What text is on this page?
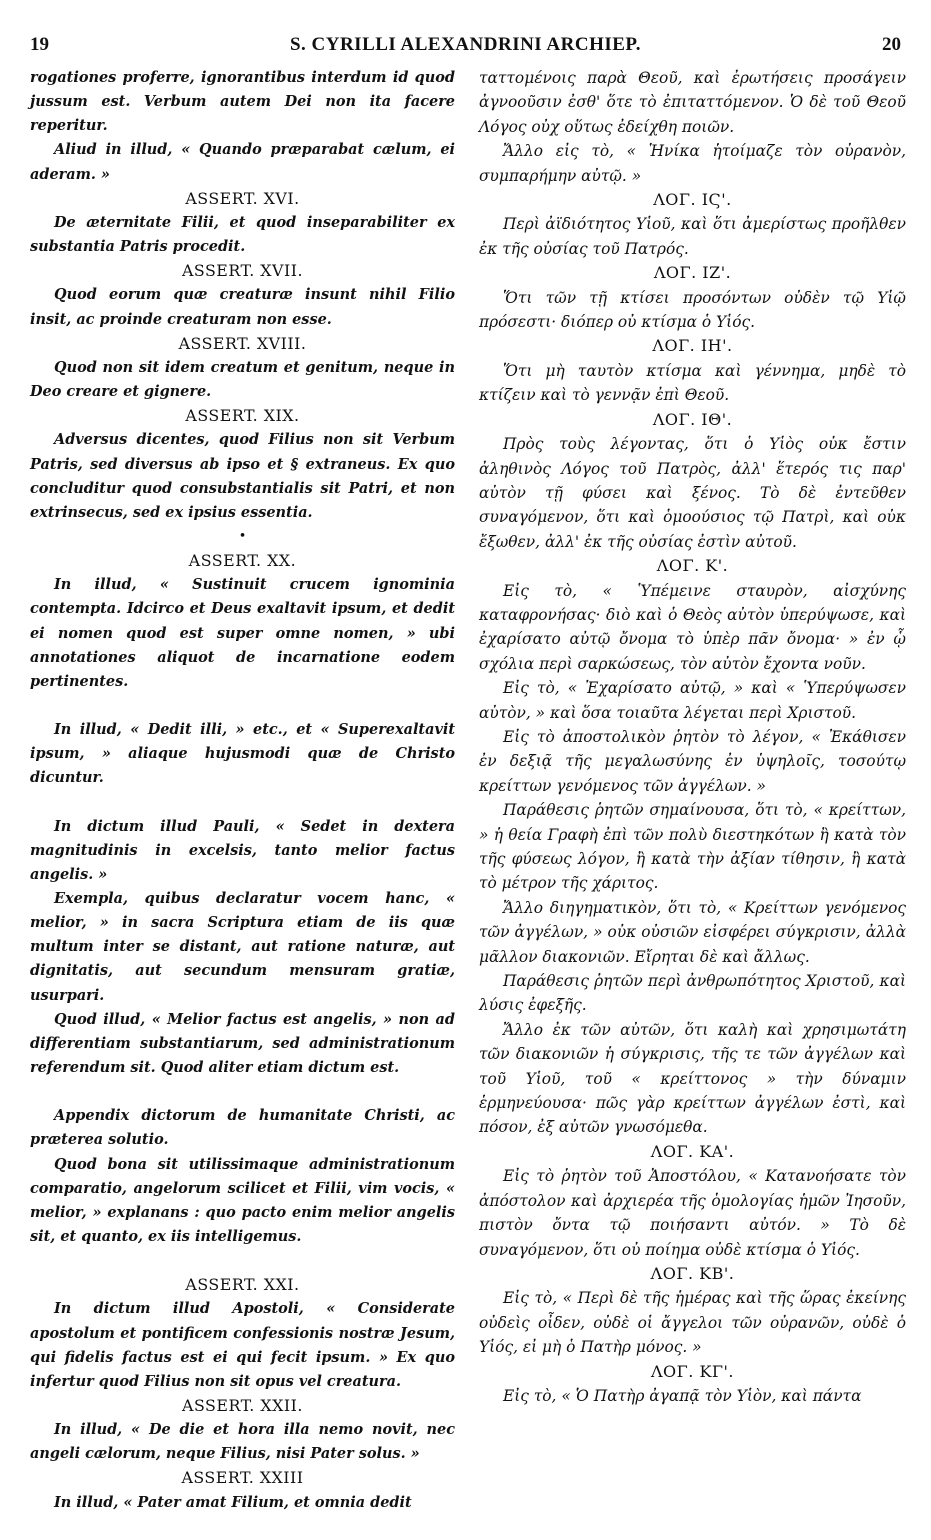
19	S. CYRILLI ALEXANDRINI ARCHIEP.	20

rogationes proferre, ignorantibus interdum id quod jussum est. Verbum autem Dei non ita facere reperitur.

Aliud in illud, « Quando præparabat cælum, ei aderam. »

ASSERT. XVI.

De æternitate Filii, et quod inseparabiliter ex substantia Patris procedit.

ASSERT. XVII.

Quod eorum quæ creaturæ insunt nihil Filio insit, ac proinde creaturam non esse.

ASSERT. XVIII.

Quod non sit idem creatum et genitum, neque in Deo creare et gignere.

ASSERT. XIX.

Adversus dicentes, quod Filius non sit Verbum Patris, sed diversus ab ipso et § extraneus. Ex quo concluditur quod consubstantialis sit Patri, et non extrinsecus, sed ex ipsius essentia.

•

ASSERT. XX.

In illud, « Sustinuit crucem ignominia contempta. Idcirco et Deus exaltavit ipsum, et dedit ei nomen quod est super omne nomen, » ubi annotationes aliquot de incarnatione eodem pertinentes.

In illud, « Dedit illi, » etc., et « Superexaltavit ipsum, » aliaque hujusmodi quæ de Christo dicuntur.

In dictum illud Pauli, « Sedet in dextera magnitudinis in excelsis, tanto melior factus angelis. »

Exempla, quibus declaratur vocem hanc, « melior, » in sacra Scriptura etiam de iis quæ multum inter se distant, aut ratione naturæ, aut dignitatis, aut secundum mensuram gratiæ, usurpari.

Quod illud, « Melior factus est angelis, » non ad differentiam substantiarum, sed administrationum referendum sit. Quod aliter etiam dictum est.

Appendix dictorum de humanitate Christi, ac præterea solutio.

Quod bona sit utilissimaque administrationum comparatio, angelorum scilicet et Filii, vim vocis, « melior, » explanans : quo pacto enim melior angelis sit, et quanto, ex iis intelligemus.

ASSERT. XXI.

In dictum illud Apostoli, « Considerate apostolum et pontificem confessionis nostræ Jesum, qui fidelis factus est ei qui fecit ipsum. » Ex quo infertur quod Filius non sit opus vel creatura.

ASSERT. XXII.

In illud, « De die et hora illa nemo novit, nec angeli cælorum, neque Filius, nisi Pater solus. »

ASSERT. XXIII

In illud, « Pater amat Filium, et omnia dedit

ταττομένοις παρὰ Θεοῦ, καὶ ἐρωτήσεις προσάγειν ἀγνοοῦσιν ἐσθ' ὅτε τὸ ἐπιταττόμενον. Ὁ δὲ τοῦ Θεοῦ Λόγος οὐχ οὕτως ἐδείχθη ποιῶν.

Ἄλλο εἰς τὸ, « Ἡνίκα ἡτοίμαζε τὸν οὐρανὸν, συμπαρήμην αὐτῷ. »

ΛΟΓ. ΙϚ'.

Περὶ ἀϊδιότητος Υἱοῦ, καὶ ὅτι ἀμερίστως προῆλθεν ἐκ τῆς οὐσίας τοῦ Πατρός.

ΛΟΓ. ΙΖ'.

Ὅτι τῶν τῇ κτίσει προσόντων οὐδὲν τῷ Υἱῷ πρόσεστι· διόπερ οὐ κτίσμα ὁ Υἱός.

ΛΟΓ. ΙΗ'.

Ὅτι μὴ ταυτὸν κτίσμα καὶ γέννημα, μηδὲ τὸ κτίζειν καὶ τὸ γεννᾷν ἐπὶ Θεοῦ.

ΛΟΓ. ΙΘ'.

Πρὸς τοὺς λέγοντας, ὅτι ὁ Υἱὸς οὐκ ἔστιν ἀληθινὸς Λόγος τοῦ Πατρὸς, ἀλλ' ἕτερός τις παρ' αὐτὸν τῇ φύσει καὶ ξένος. Τὸ δὲ ἐντεῦθεν συναγόμενον, ὅτι καὶ ὁμοούσιος τῷ Πατρὶ, καὶ οὐκ ἔξωθεν, ἀλλ' ἐκ τῆς οὐσίας ἐστὶν αὐτοῦ.

ΛΟΓ. Κ'.

Εἰς τὸ, « Ὑπέμεινε σταυρὸν, αἰσχύνης καταφρονήσας· διὸ καὶ ὁ Θεὸς αὐτὸν ὑπερύψωσε, καὶ ἐχαρίσατο αὐτῷ ὄνομα τὸ ὑπὲρ πᾶν ὄνομα· » ἐν ᾧ σχόλια περὶ σαρκώσεως, τὸν αὐτὸν ἔχοντα νοῦν.

Εἰς τὸ, « Ἐχαρίσατο αὐτῷ, » καὶ « Ὑπερύψωσεν αὐτὸν, » καὶ ὅσα τοιαῦτα λέγεται περὶ Χριστοῦ.

Εἰς τὸ ἀποστολικὸν ῥητὸν τὸ λέγον, « Ἐκάθισεν ἐν δεξιᾷ τῆς μεγαλωσύνης ἐν ὑψηλοῖς, τοσούτῳ κρείττων γενόμενος τῶν ἀγγέλων. »

Παράθεσις ῥητῶν σημαίνουσα, ὅτι τὸ, « κρείττων, » ἡ θεία Γραφὴ ἐπὶ τῶν πολὺ διεστηκότων ἢ κατὰ τὸν τῆς φύσεως λόγον, ἢ κατὰ τὴν ἀξίαν τίθησιν, ἢ κατὰ τὸ μέτρον τῆς χάριτος.

Ἄλλο διηγηματικὸν, ὅτι τὸ, « Κρείττων γενόμενος τῶν ἀγγέλων, » οὐκ οὐσιῶν εἰσφέρει σύγκρισιν, ἀλλὰ μᾶλλον διακονιῶν. Εἴρηται δὲ καὶ ἄλλως.

Παράθεσις ῥητῶν περὶ ἀνθρωπότητος Χριστοῦ, καὶ λύσις ἐφεξῆς.

Ἄλλο ἐκ τῶν αὐτῶν, ὅτι καλὴ καὶ χρησιμωτάτη τῶν διακονιῶν ἡ σύγκρισις, τῆς τε τῶν ἀγγέλων καὶ τοῦ Υἱοῦ, τοῦ « κρείττονος » τὴν δύναμιν ἑρμηνεύουσα· πῶς γὰρ κρείττων ἀγγέλων ἐστὶ, καὶ πόσον, ἐξ αὐτῶν γνωσόμεθα.

ΛΟΓ. ΚΑ'.

Εἰς τὸ ῥητὸν τοῦ Ἀποστόλου, « Κατανοήσατε τὸν ἀπόστολον καὶ ἀρχιερέα τῆς ὁμολογίας ἡμῶν Ἰησοῦν, πιστὸν ὄντα τῷ ποιήσαντι αὐτόν. » Τὸ δὲ συναγόμενον, ὅτι οὐ ποίημα οὐδὲ κτίσμα ὁ Υἱός.

ΛΟΓ. ΚΒ'.

Εἰς τὸ, « Περὶ δὲ τῆς ἡμέρας καὶ τῆς ὥρας ἐκείνης οὐδεὶς οἶδεν, οὐδὲ οἱ ἄγγελοι τῶν οὐρανῶν, οὐδὲ ὁ Υἱός, εἰ μὴ ὁ Πατὴρ μόνος. »

ΛΟΓ. ΚΓ'.

Εἰς τὸ, « Ὁ Πατὴρ ἀγαπᾷ τὸν Υἱὸν, καὶ πάντα
